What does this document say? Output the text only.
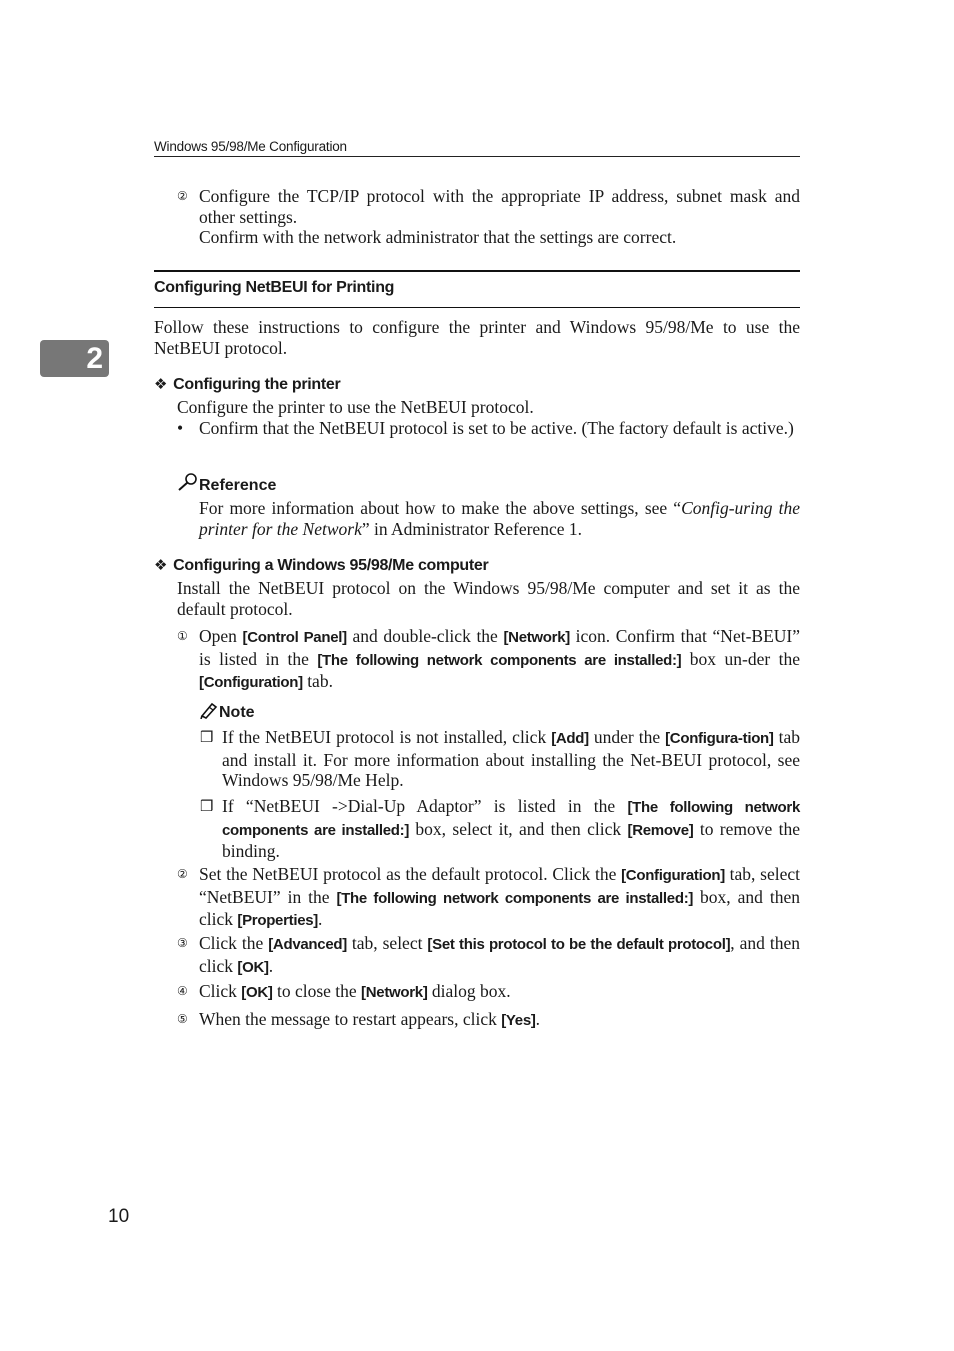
Windows 95/98/Me Configuration
2
② Configure the TCP/IP protocol with the appropriate IP address, subnet mask and other settings.
Confirm with the network administrator that the settings are correct.
Configuring NetBEUI for Printing
Follow these instructions to configure the printer and Windows 95/98/Me to use the NetBEUI protocol.
❖ Configuring the printer
Configure the printer to use the NetBEUI protocol.
• Confirm that the NetBEUI protocol is set to be active. (The factory default is active.)
Reference
For more information about how to make the above settings, see “Config-uring the printer for the Network” in Administrator Reference 1.
❖ Configuring a Windows 95/98/Me computer
Install the NetBEUI protocol on the Windows 95/98/Me computer and set it as the default protocol.
① Open [Control Panel] and double-click the [Network] icon. Confirm that “Net-BEUI” is listed in the [The following network components are installed:] box un-der the [Configuration] tab.
Note
❒ If the NetBEUI protocol is not installed, click [Add] under the [Configura-tion] tab and install it. For more information about installing the Net-BEUI protocol, see Windows 95/98/Me Help.
❒ If “NetBEUI ->Dial-Up Adaptor” is listed in the [The following network components are installed:] box, select it, and then click [Remove] to remove the binding.
② Set the NetBEUI protocol as the default protocol. Click the [Configuration] tab, select “NetBEUI” in the [The following network components are installed:] box, and then click [Properties].
③ Click the [Advanced] tab, select [Set this protocol to be the default protocol], and then click [OK].
④ Click [OK] to close the [Network] dialog box.
⑤ When the message to restart appears, click [Yes].
10
